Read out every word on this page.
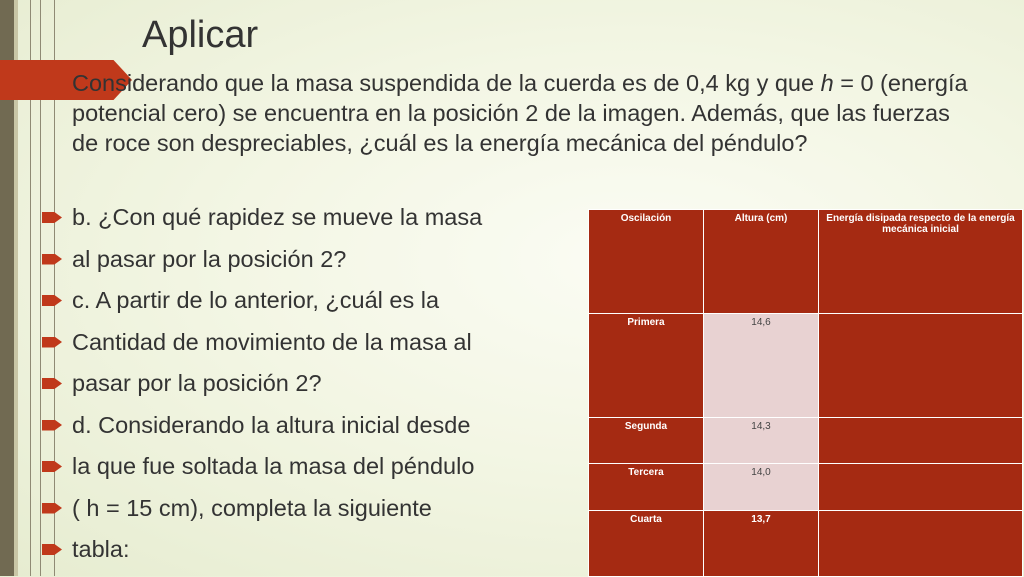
Aplicar
Considerando que la masa suspendida de la cuerda es de 0,4 kg y que h = 0 (energía potencial cero) se encuentra en la posición 2 de la imagen. Además, que las fuerzas de roce son despreciables, ¿cuál es la energía mecánica del péndulo?
b. ¿Con qué rapidez se mueve la masa
al pasar por la posición 2?
c. A partir de lo anterior, ¿cuál es la
Cantidad de movimiento de la masa al
pasar por la posición 2?
d. Considerando la altura inicial desde
la que fue soltada la masa del péndulo
( h = 15 cm), completa la siguiente
tabla:
Oscilación	Altura (cm)	Energía disipada respecto de la energía mecánica inicial
Primera	14,6	
Segunda	14,3	
Tercera	14,0	
Cuarta	13,7	
